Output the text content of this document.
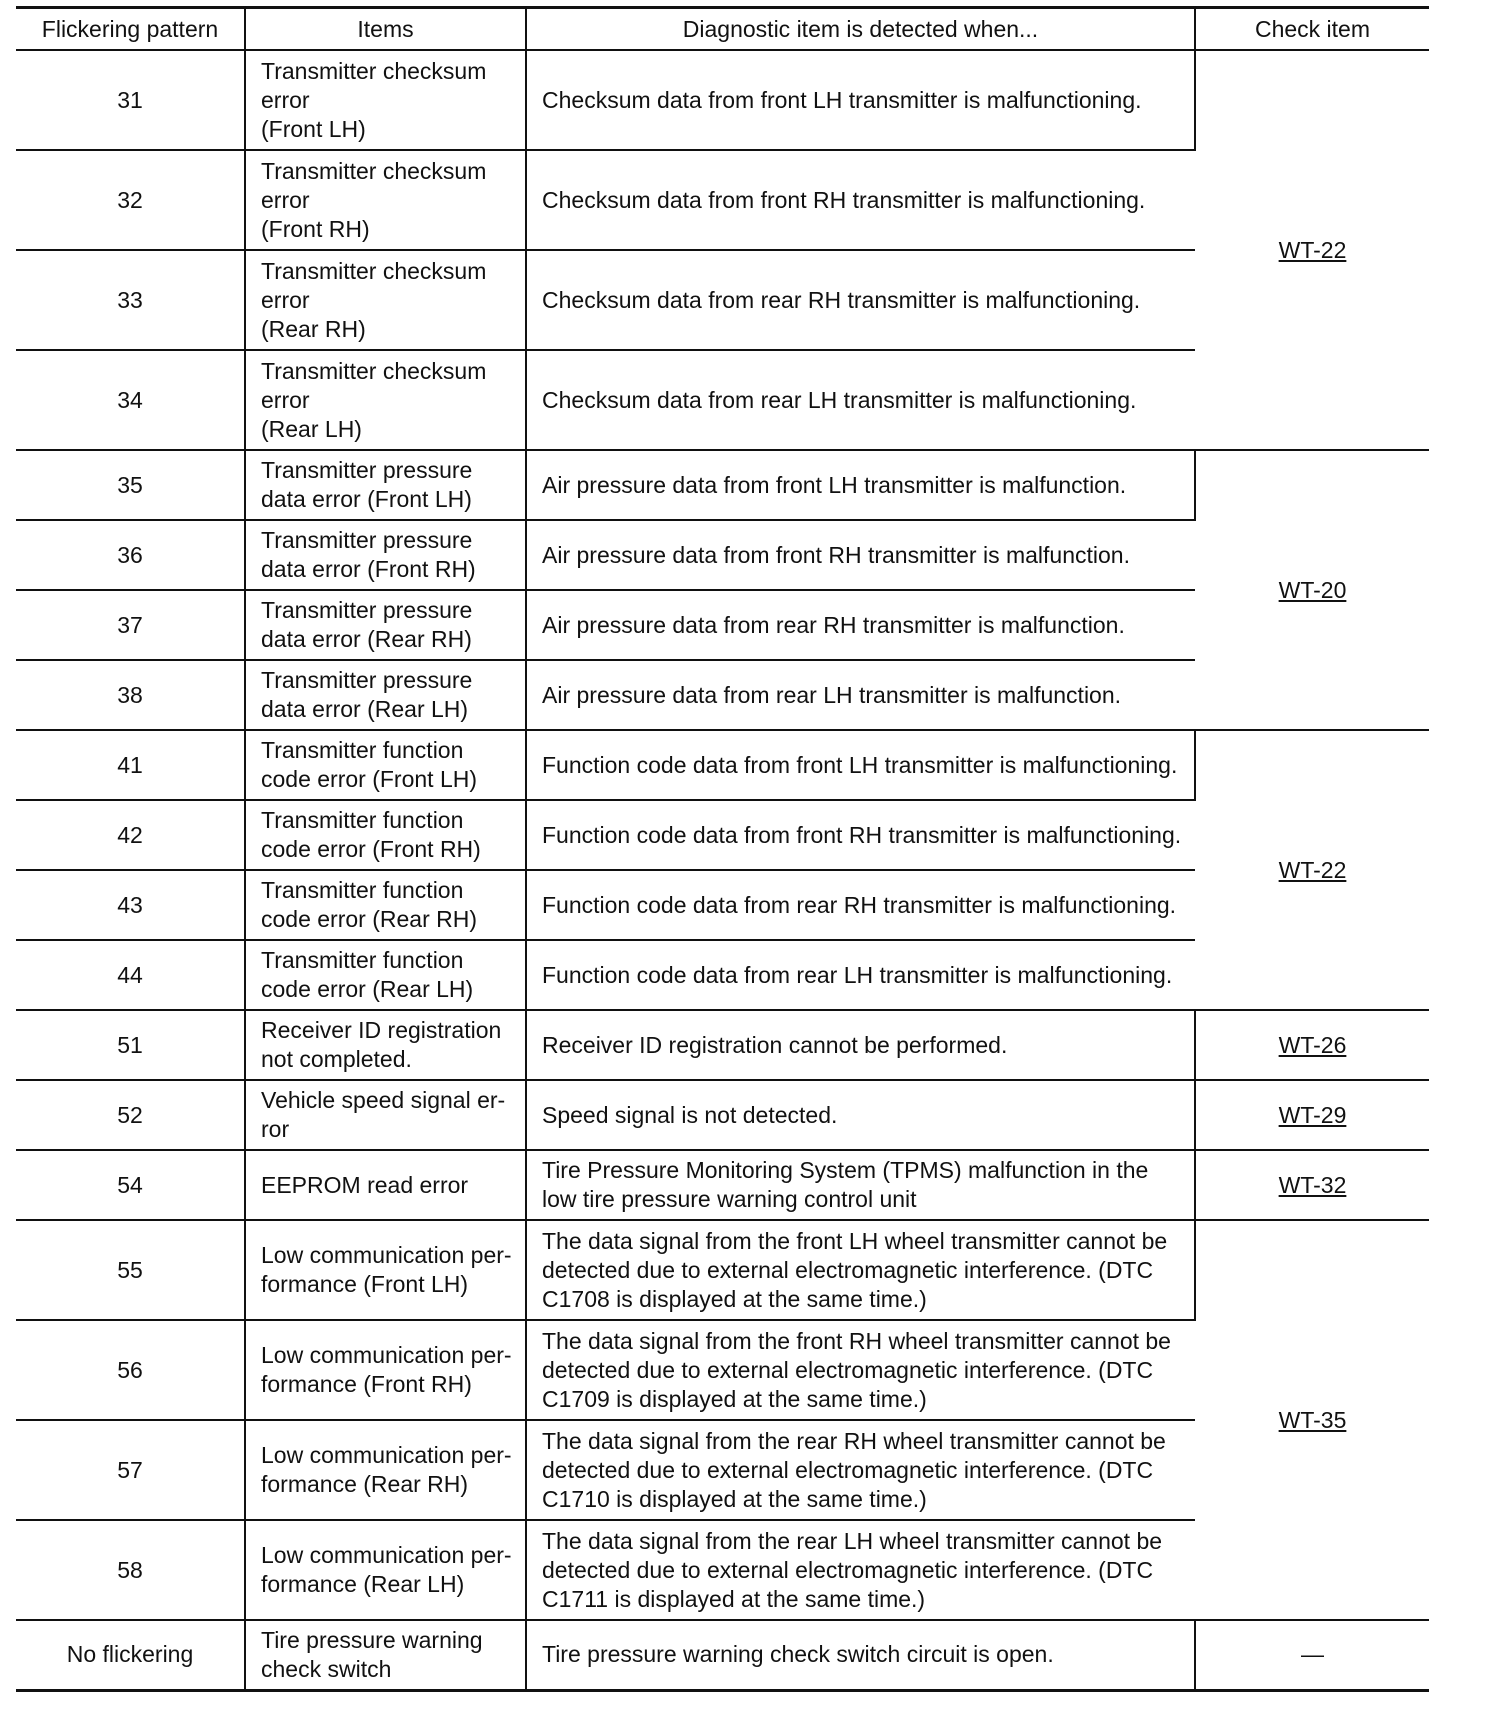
Flickering pattern	Items	Diagnostic item is detected when...	Check item
31	Transmitter checksum
error
(Front LH)	Checksum data from front LH transmitter is malfunctioning.	WT-22
32	Transmitter checksum
error
(Front RH)	Checksum data from front RH transmitter is malfunctioning.	

33	Transmitter checksum
error
(Rear RH)	Checksum data from rear RH transmitter is malfunctioning.	

34	Transmitter checksum
error
(Rear LH)	Checksum data from rear LH transmitter is malfunctioning.	

35	Transmitter pressure
data error (Front LH)	Air pressure data from front LH transmitter is malfunction.	WT-20
36	Transmitter pressure
data error (Front RH)	Air pressure data from front RH transmitter is malfunction.	

37	Transmitter pressure
data error (Rear RH)	Air pressure data from rear RH transmitter is malfunction.	

38	Transmitter pressure
data error (Rear LH)	Air pressure data from rear LH transmitter is malfunction.	

41	Transmitter function
code error (Front LH)	Function code data from front LH transmitter is malfunctioning.	WT-22
42	Transmitter function
code error (Front RH)	Function code data from front RH transmitter is malfunctioning.	

43	Transmitter function
code error (Rear RH)	Function code data from rear RH transmitter is malfunctioning.	

44	Transmitter function
code error (Rear LH)	Function code data from rear LH transmitter is malfunctioning.	

51	Receiver ID registration
not completed.	Receiver ID registration cannot be performed.	WT-26
52	Vehicle speed signal er-
ror	Speed signal is not detected.	WT-29
54	EEPROM read error	Tire Pressure Monitoring System (TPMS) malfunction in the
low tire pressure warning control unit	WT-32
55	Low communication per-
formance (Front LH)	The data signal from the front LH wheel transmitter cannot be
detected due to external electromagnetic interference. (DTC
C1708 is displayed at the same time.)	WT-35
56	Low communication per-
formance (Front RH)	The data signal from the front RH wheel transmitter cannot be
detected due to external electromagnetic interference. (DTC
C1709 is displayed at the same time.)	

57	Low communication per-
formance (Rear RH)	The data signal from the rear RH wheel transmitter cannot be
detected due to external electromagnetic interference. (DTC
C1710 is displayed at the same time.)	

58	Low communication per-
formance (Rear LH)	The data signal from the rear LH wheel transmitter cannot be
detected due to external electromagnetic interference. (DTC
C1711 is displayed at the same time.)	

No flickering	Tire pressure warning
check switch	Tire pressure warning check switch circuit is open.	—
